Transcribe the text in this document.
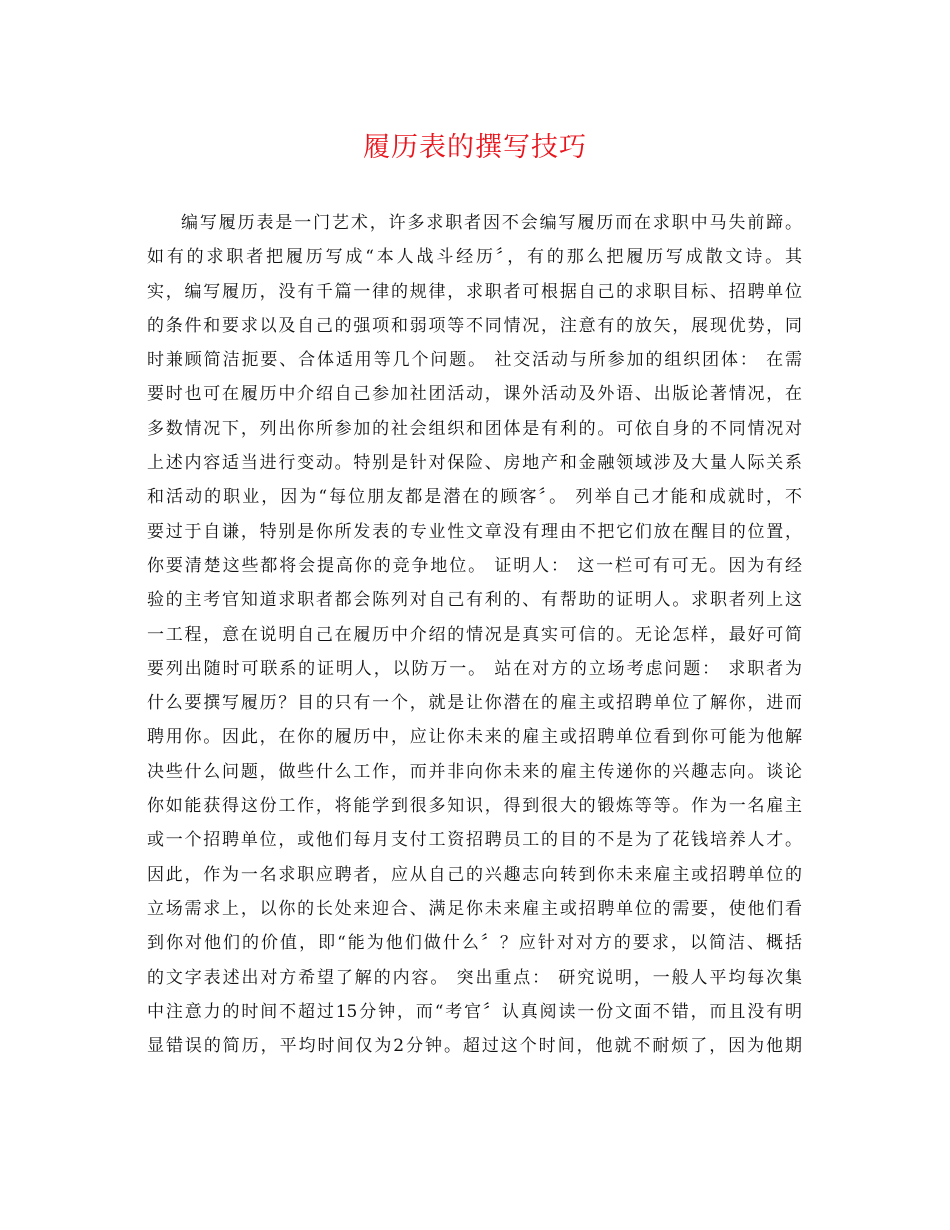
履历表的撰写技巧
编写履历表是一门艺术，许多求职者因不会编写履历而在求职中马失前蹄。
如有的求职者把履历写成“本人战斗经历〞，有的那么把履历写成散文诗。其
实，编写履历，没有千篇一律的规律，求职者可根据自己的求职目标、招聘单位
的条件和要求以及自己的强项和弱项等不同情况，注意有的放矢，展现优势，同
时兼顾简洁扼要、合体适用等几个问题。 社交活动与所参加的组织团体： 在需
要时也可在履历中介绍自己参加社团活动，课外活动及外语、出版论著情况，在
多数情况下，列出你所参加的社会组织和团体是有利的。可依自身的不同情况对
上述内容适当进行变动。特别是针对保险、房地产和金融领域涉及大量人际关系
和活动的职业，因为“每位朋友都是潜在的顾客〞。 列举自己才能和成就时，不
要过于自谦，特别是你所发表的专业性文章没有理由不把它们放在醒目的位置，
你要清楚这些都将会提高你的竞争地位。 证明人： 这一栏可有可无。因为有经
验的主考官知道求职者都会陈列对自己有利的、有帮助的证明人。求职者列上这
一工程，意在说明自己在履历中介绍的情况是真实可信的。无论怎样，最好可简
要列出随时可联系的证明人，以防万一。 站在对方的立场考虑问题： 求职者为
什么要撰写履历？目的只有一个，就是让你潜在的雇主或招聘单位了解你，进而
聘用你。因此，在你的履历中，应让你未来的雇主或招聘单位看到你可能为他解
决些什么问题，做些什么工作，而并非向你未来的雇主传递你的兴趣志向。谈论
你如能获得这份工作，将能学到很多知识，得到很大的锻炼等等。作为一名雇主
或一个招聘单位，或他们每月支付工资招聘员工的目的不是为了花钱培养人才。
因此，作为一名求职应聘者，应从自己的兴趣志向转到你未来雇主或招聘单位的
立场需求上，以你的长处来迎合、满足你未来雇主或招聘单位的需要，使他们看
到你对他们的价值，即“能为他们做什么〞？应针对对方的要求，以简洁、概括
的文字表述出对方希望了解的内容。 突出重点： 研究说明，一般人平均每次集
中注意力的时间不超过15分钟，而“考官〞认真阅读一份文面不错，而且没有明
显错误的简历，平均时间仅为2分钟。超过这个时间，他就不耐烦了，因为他期
